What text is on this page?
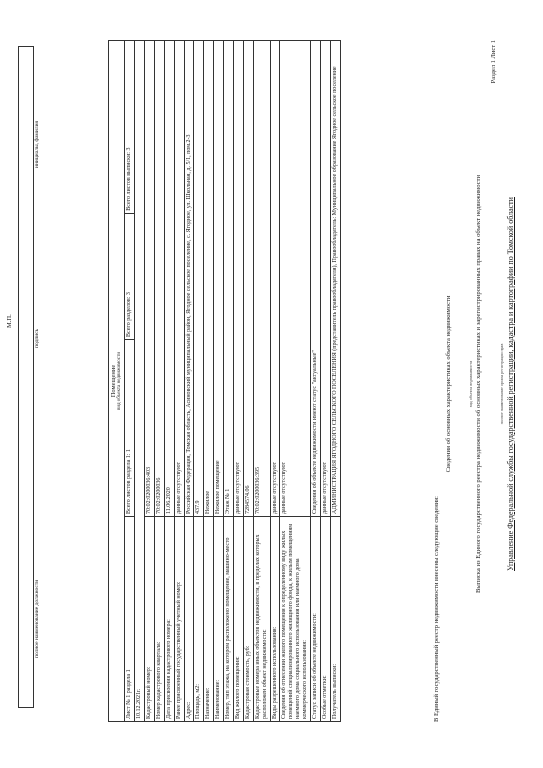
Управление Федеральной службы государственной регистрации, кадастра и картографии по Томской области
полное наименование органа регистрации прав
Выписка из Единого государственного реестра недвижимости об основных характеристиках и зарегистрированных правах на объект недвижимости
вид объекта недвижимости
Раздел 1 Лист 1
Сведения об основных характеристиках объекта недвижимости
В Единый государственный реестр недвижимости внесены следующие сведения:
Помещение вид объекта недвижимости			

Лист № 1 раздела 1	Всего листов раздела 1: 1	Всего разделов: 3	Всего листов выписки: 3
10.12.2021г.			
Кадастровый номер:	70:02:0200036:403		
Номер кадастрового квартала:	70:02:0200036		
Дата присвоения кадастрового номера:	11.06.2020		
Ранее присвоенный государственный учетный номер:	данные отсутствуют		
Адрес:	Российская Федерация, Томская область, Асиновский муниципальный район, Ягодное сельское поселение, с. Ягодное, ул. Школьная, д. 5/1, пом.2-3		
Площадь, м2:	437.9		
Назначение:	Нежилое		
Наименование:	Нежилое помещение		
Номер, тип этажа, на котором расположено помещение, машино-место	Этаж № 1		
Вид жилого помещения:	данные отсутствуют		
Кадастровая стоимость, руб:	7284574.06		
Кадастровые номера иных объектов недвижимости, в пределах которых расположен объект недвижимости:	70:02:0200036:395		
Виды разрешенного использования:	данные отсутствуют		
Сведения об отнесении жилого помещения к определенному виду жилых помещений специализированного жилищного фонда, к жилым помещениям наемного дома социального использования или наемного дома коммерческого использования:	данные отсутствуют		
Статус записи об объекте недвижимости:	Сведения об объекте недвижимости имеют статус "актуальные"		
Особые отметки:	данные отсутствуют		
Получатель выписки:	АДМИНИСТРАЦИЯ ЯГОДНОГО СЕЛЬСКОГО ПОСЕЛЕНИЯ (представитель правообладателя), Правообладатель: Муниципальное образование Ягодное сельское поселение		
полное наименование должности
подпись
инициалы, фамилия
М.П.
